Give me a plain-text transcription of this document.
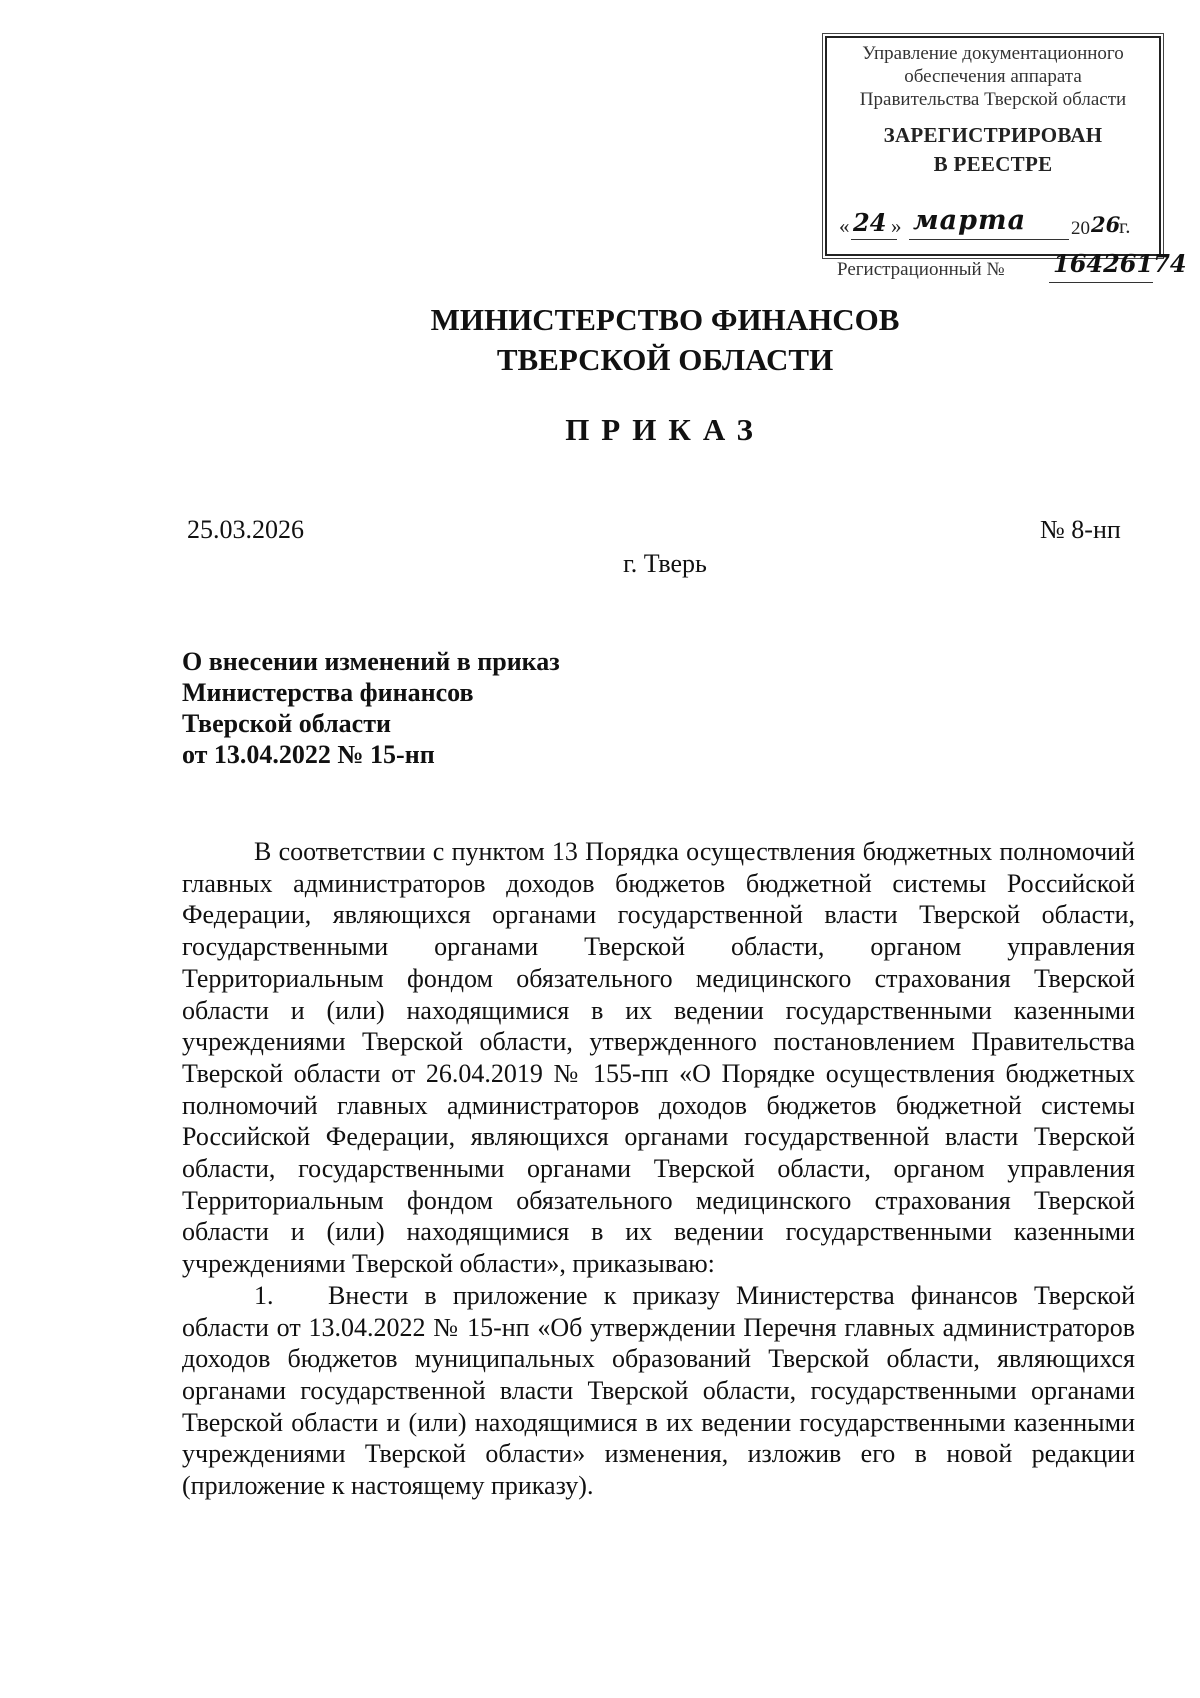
Управление документационного
обеспечения аппарата
Правительства Тверской области
ЗАРЕГИСТРИРОВАН
В РЕЕСТРЕ
« 24 » марта 20 26
г.
Регистрационный № 16426174
МИНИСТЕРСТВО ФИНАНСОВ
ТВЕРСКОЙ ОБЛАСТИ
ПРИКАЗ
25.03.2026	№ 8-нп
г. Тверь
О внесении изменений в приказ
Министерства финансов
Тверской области
от 13.04.2022 № 15-нп

В соответствии с пунктом 13 Порядка осуществления бюджетных полномочий главных администраторов доходов бюджетов бюджетной системы Российской Федерации, являющихся органами государственной власти Тверской области, государственными органами Тверской области, органом управления Территориальным фондом обязательного медицинского страхования Тверской области и (или) находящимися в их ведении государственными казенными учреждениями Тверской области, утвержденного постановлением Правительства Тверской области от 26.04.2019 № 155-пп «О Порядке осуществления бюджетных полномочий главных администраторов доходов бюджетов бюджетной системы Российской Федерации, являющихся органами государственной власти Тверской области, государственными органами Тверской области, органом управления Территориальным фондом обязательного медицинского страхования Тверской области и (или) находящимися в их ведении государственными казенными учреждениями Тверской области», приказываю:

1. Внести в приложение к приказу Министерства финансов Тверской области от 13.04.2022 № 15-нп «Об утверждении Перечня главных администраторов доходов бюджетов муниципальных образований Тверской области, являющихся органами государственной власти Тверской области, государственными органами Тверской области и (или) находящимися в их ведении государственными казенными учреждениями Тверской области» изменения, изложив его в новой редакции (приложение к настоящему приказу).
